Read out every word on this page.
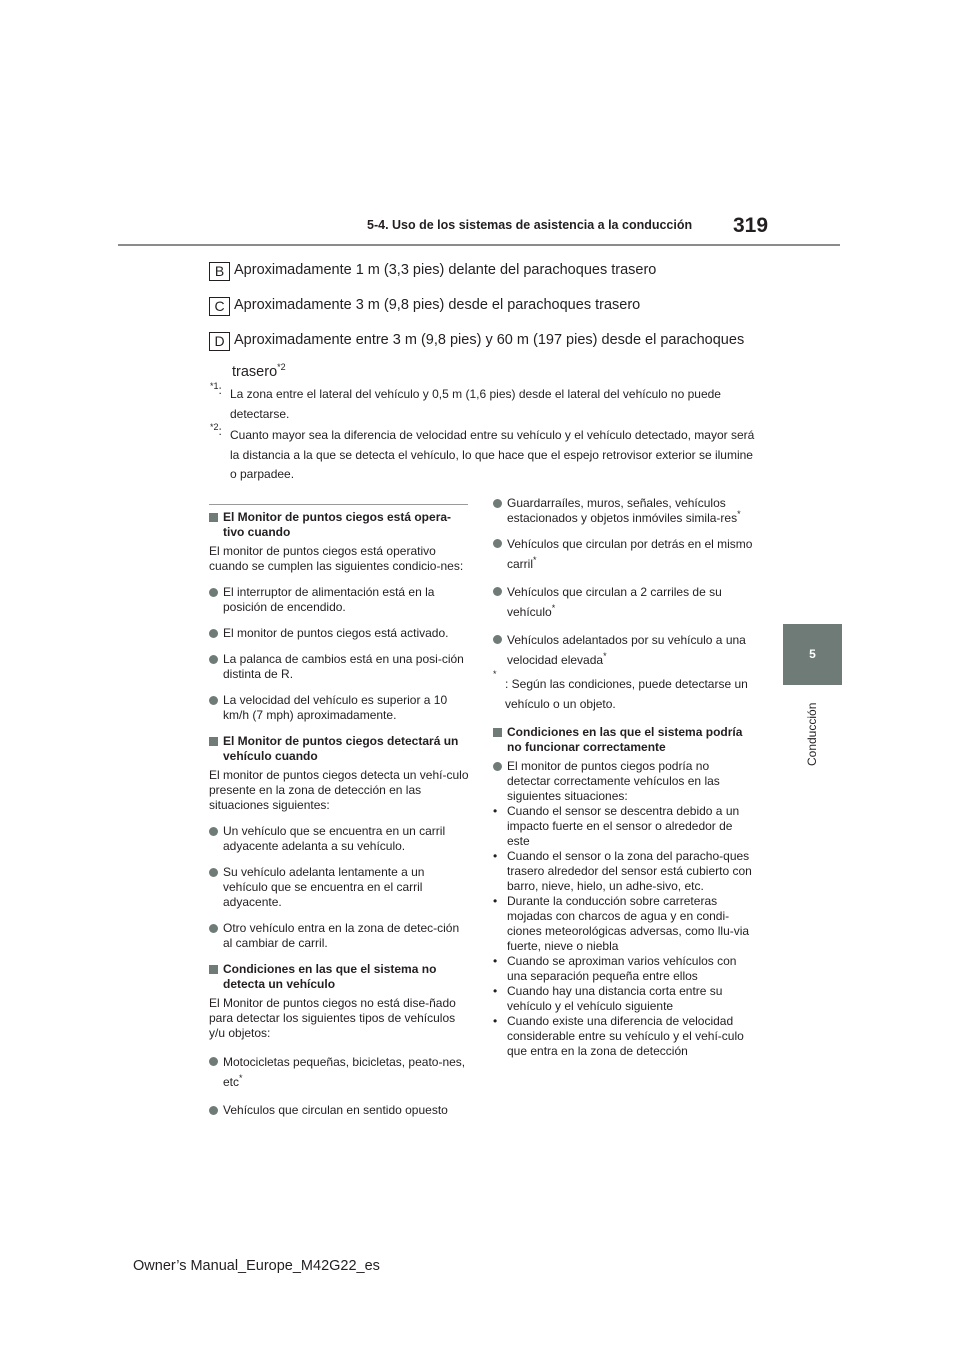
5-4. Uso de los sistemas de asistencia a la conducción 319
5
Conducción
B Aproximadamente 1 m (3,3 pies) delante del parachoques trasero
C Aproximadamente 3 m (9,8 pies) desde el parachoques trasero
D Aproximadamente entre 3 m (9,8 pies) y 60 m (197 pies) desde el parachoques
trasero$^{*2}$
$^{*1}$: La zona entre el lateral del vehículo y 0,5 m (1,6 pies) desde el lateral del vehículo no puede detectarse.
$^{*2}$: Cuanto mayor sea la diferencia de velocidad entre su vehículo y el vehículo detectado, mayor será la distancia a la que se detecta el vehículo, lo que hace que el espejo retrovisor exterior se ilumine o parpadee.
El Monitor de puntos ciegos está opera-tivo cuando
El monitor de puntos ciegos está operativo cuando se cumplen las siguientes condicio-nes:
El interruptor de alimentación está en la posición de encendido.
El monitor de puntos ciegos está activado.
La palanca de cambios está en una posi-ción distinta de R.
La velocidad del vehículo es superior a 10 km/h (7 mph) aproximadamente.
El Monitor de puntos ciegos detectará un vehículo cuando
El monitor de puntos ciegos detecta un vehí-culo presente en la zona de detección en las situaciones siguientes:
Un vehículo que se encuentra en un carril adyacente adelanta a su vehículo.
Su vehículo adelanta lentamente a un vehículo que se encuentra en el carril adyacente.
Otro vehículo entra en la zona de detec-ción al cambiar de carril.
Condiciones en las que el sistema no detecta un vehículo
El Monitor de puntos ciegos no está dise-ñado para detectar los siguientes tipos de vehículos y/u objetos:
Motocicletas pequeñas, bicicletas, peato-nes, etc*
Vehículos que circulan en sentido opuesto
Guardarraíles, muros, señales, vehículos estacionados y objetos inmóviles simila-res*
Vehículos que circulan por detrás en el mismo carril*
Vehículos que circulan a 2 carriles de su vehículo*
Vehículos adelantados por su vehículo a una velocidad elevada*
*
: Según las condiciones, puede detectarse un vehículo o un objeto.
Condiciones en las que el sistema podría no funcionar correctamente
El monitor de puntos ciegos podría no detectar correctamente vehículos en las siguientes situaciones:
• Cuando el sensor se descentra debido a un impacto fuerte en el sensor o alrededor de este
• Cuando el sensor o la zona del paracho-ques trasero alrededor del sensor está cubierto con barro, nieve, hielo, un adhe-sivo, etc.
• Durante la conducción sobre carreteras mojadas con charcos de agua y en condi-ciones meteorológicas adversas, como llu-via fuerte, nieve o niebla
• Cuando se aproximan varios vehículos con una separación pequeña entre ellos
• Cuando hay una distancia corta entre su vehículo y el vehículo siguiente
• Cuando existe una diferencia de velocidad considerable entre su vehículo y el vehí-culo que entra en la zona de detección
Owner’s Manual_Europe_M42G22_es
